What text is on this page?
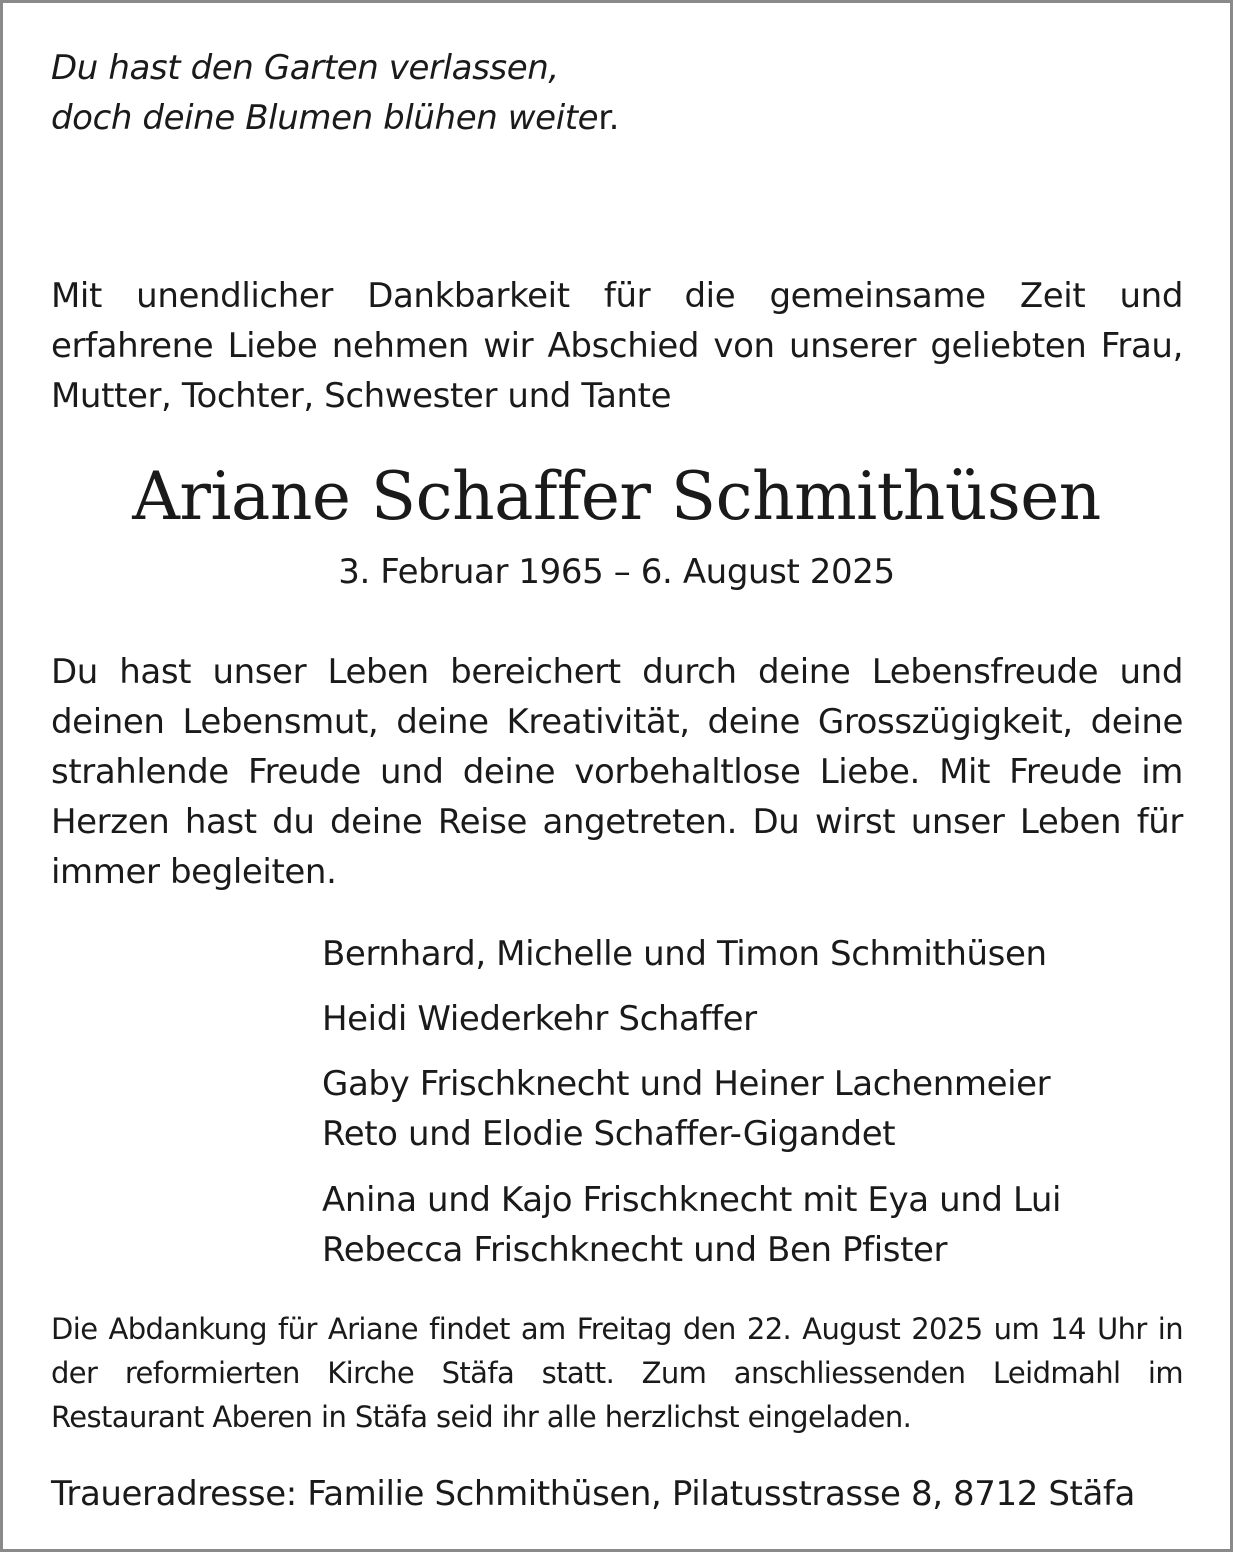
Du hast den Garten verlassen,
doch deine Blumen blühen weiter.

Mit unendlicher Dankbarkeit für die gemeinsame Zeit und erfahrene Liebe nehmen wir Abschied von unserer geliebten Frau, Mutter, Tochter, Schwester und Tante

Ariane Schaffer Schmithüsen
3. Februar 1965 – 6. August 2025

Du hast unser Leben bereichert durch deine Lebensfreude und deinen Lebensmut, deine Kreativität, deine Grosszügigkeit, deine strahlende Freude und deine vorbehaltlose Liebe. Mit Freude im Herzen hast du deine Reise angetreten. Du wirst unser Leben für immer begleiten.

Bernhard, Michelle und Timon Schmithüsen
Heidi Wiederkehr Schaffer
Gaby Frischknecht und Heiner Lachenmeier
Reto und Elodie Schaffer-Gigandet
Anina und Kajo Frischknecht mit Eya und Lui
Rebecca Frischknecht und Ben Pfister

Die Abdankung für Ariane findet am Freitag den 22. August 2025 um 14 Uhr in der reformierten Kirche Stäfa statt. Zum anschliessenden Leidmahl im Restaurant Aberen in Stäfa seid ihr alle herzlichst eingeladen.

Traueradresse: Familie Schmithüsen, Pilatusstrasse 8, 8712 Stäfa
